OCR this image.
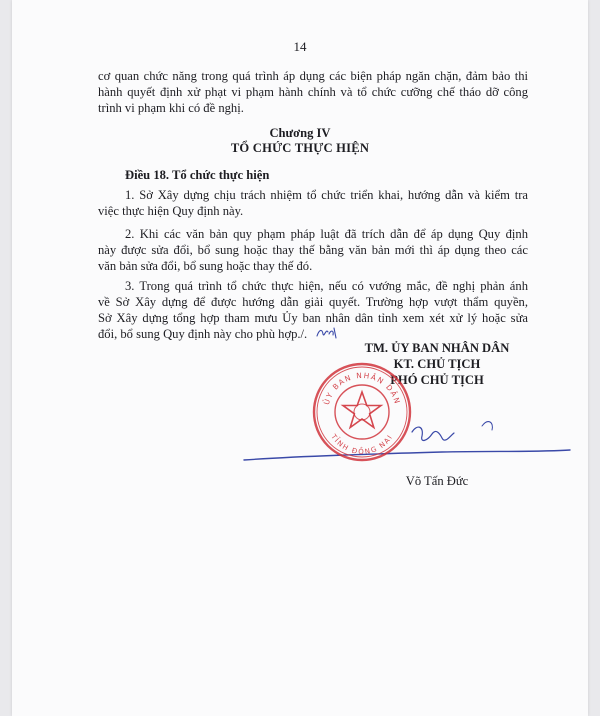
14
cơ quan chức năng trong quá trình áp dụng các biện pháp ngăn chặn, đảm bảo thi
hành quyết định xử phạt vi phạm hành chính và tổ chức cưỡng chế tháo dỡ công
trình vi phạm khi có đề nghị.
Chương IV
TỔ CHỨC THỰC HIỆN
Điều 18. Tổ chức thực hiện
1. Sở Xây dựng chịu trách nhiệm tổ chức triển khai, hướng dẫn và kiểm tra
việc thực hiện Quy định này.
2. Khi các văn bản quy phạm pháp luật đã trích dẫn để áp dụng Quy định
này được sửa đổi, bổ sung hoặc thay thế bằng văn bản mới thì áp dụng theo các
văn bản sửa đổi, bổ sung hoặc thay thế đó.
3. Trong quá trình tổ chức thực hiện, nếu có vướng mắc, đề nghị phản ánh
về Sở Xây dựng để được hướng dẫn giải quyết. Trường hợp vượt thẩm quyền,
Sở Xây dựng tổng hợp tham mưu Ủy ban nhân dân tỉnh xem xét xử lý hoặc sửa
đổi, bổ sung Quy định này cho phù hợp./.
TM. ỦY BAN NHÂN DÂN
KT. CHỦ TỊCH
PHÓ CHỦ TỊCH
ỦY BAN NHÂN DÂN
TỈNH ĐỒNG NAI
Võ Tấn Đức
